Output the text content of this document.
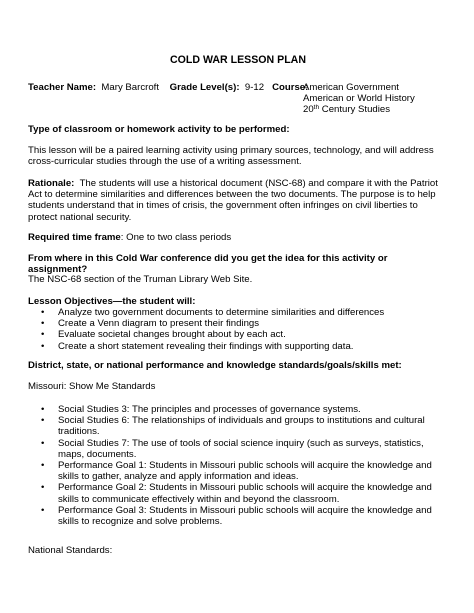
COLD WAR LESSON PLAN
Teacher Name: Mary Barcroft Grade Level(s): 9-12 Course:
American Government
American or World History
20th Century Studies
Type of classroom or homework activity to be performed:
This lesson will be a paired learning activity using primary sources, technology, and will address cross-curricular studies through the use of a writing assessment.
Rationale: The students will use a historical document (NSC-68) and compare it with the Patriot Act to determine similarities and differences between the two documents. The purpose is to help students understand that in times of crisis, the government often infringes on civil liberties to protect national security.
Required time frame: One to two class periods
From where in this Cold War conference did you get the idea for this activity or assignment?
The NSC-68 section of the Truman Library Web Site.
Lesson Objectives—the student will:
• Analyze two government documents to determine similarities and differences
• Create a Venn diagram to present their findings
• Evaluate societal changes brought about by each act.
• Create a short statement revealing their findings with supporting data.
District, state, or national performance and knowledge standards/goals/skills met:
Missouri: Show Me Standards
• Social Studies 3: The principles and processes of governance systems.
• Social Studies 6: The relationships of individuals and groups to institutions and cultural traditions.
• Social Studies 7: The use of tools of social science inquiry (such as surveys, statistics, maps, documents.
• Performance Goal 1: Students in Missouri public schools will acquire the knowledge and skills to gather, analyze and apply information and ideas.
• Performance Goal 2: Students in Missouri public schools will acquire the knowledge and skills to communicate effectively within and beyond the classroom.
• Performance Goal 3: Students in Missouri public schools will acquire the knowledge and skills to recognize and solve problems.
National Standards:
